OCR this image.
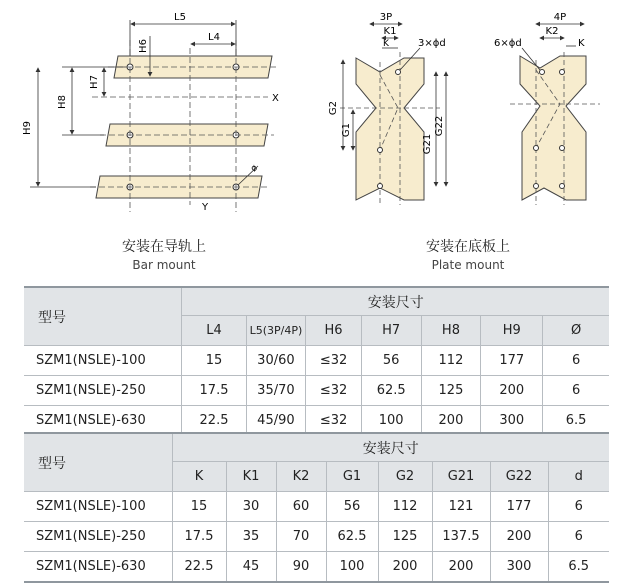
L5
L4
H6
H7
H8
H9
X
Y
ø
3P
K1
K	3×ϕd
G2
G1
G21
G22
4P
K2
K
6×ϕd
安装在导轨上
Bar mount
安装在底板上
Plate mount
型号	安装尺寸						
	L4	L5(3P/4P)	H6	H7	H8	H9	Ø
SZM1(NSLE)-100	15	30/60	≤32	56	112	177	6
SZM1(NSLE)-250	17.5	35/70	≤32	62.5	125	200	6
SZM1(NSLE)-630	22.5	45/90	≤32	100	200	300	6.5
型号	安装尺寸							
	K	K1	K2	G1	G2	G21	G22	d
SZM1(NSLE)-100	15	30	60	56	112	121	177	6
SZM1(NSLE)-250	17.5	35	70	62.5	125	137.5	200	6
SZM1(NSLE)-630	22.5	45	90	100	200	200	300	6.5
